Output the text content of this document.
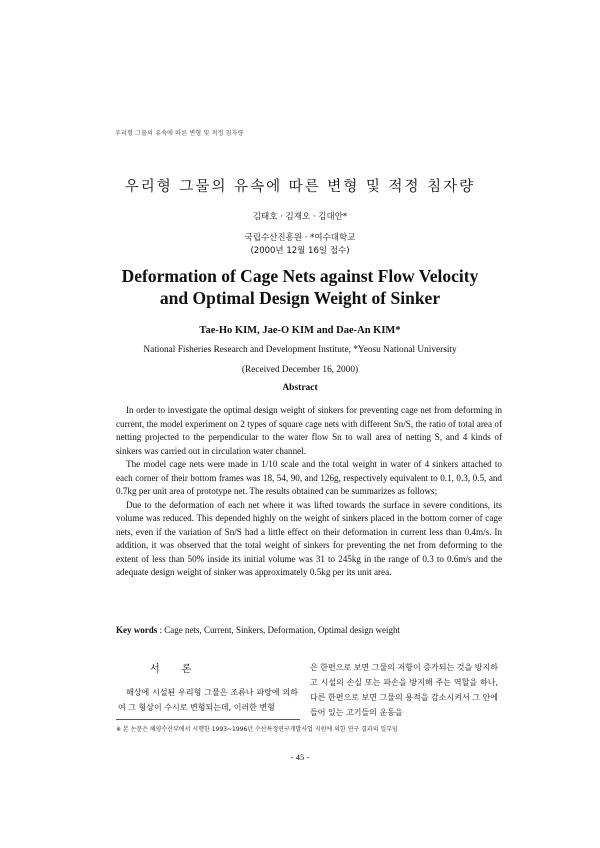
우리형 그물의 유속에 따른 변형 및 적정 침자량
우리형 그물의 유속에 따른 변형 및 적정 침자량
김태호 · 김재오 · 김대안*
국립수산진흥원 · *여수대학교
(2000년 12월 16일 접수)
Deformation of Cage Nets against Flow Velocity
and Optimal Design Weight of Sinker
Tae-Ho KIM, Jae-O KIM and Dae-An KIM*
National Fisheries Research and Development Institute, *Yeosu National University
(Received December 16, 2000)
Abstract

In order to investigate the optimal design weight of sinkers for preventing cage net from deforming in current, the model experiment on 2 types of square cage nets with different Sn/S, the ratio of total area of netting projected to the perpendicular to the water flow Sn to wall area of netting S, and 4 kinds of sinkers was carried out in circulation water channel.

The model cage nets were made in 1/10 scale and the total weight in water of 4 sinkers attached to each corner of their bottom frames was 18, 54, 90, and 126g, respectively equivalent to 0.1, 0.3, 0.5, and 0.7kg per unit area of prototype net. The results obtained can be summarizes as follows;

Due to the deformation of each net where it was lifted towards the surface in severe conditions, its volume was reduced. This depended highly on the weight of sinkers placed in the bottom corner of cage nets, even if the variation of Sn/S had a little effect on their deformation in current less than 0.4m/s. In addition, it was observed that the total weight of sinkers for preventing the net from deforming to the extent of less than 50% inside its initial volume was 31 to 245kg in the range of 0.3 to 0.6m/s and the adequate design weight of sinker was approximately 0.5kg per its unit area.

Key words : Cage nets, Current, Sinkers, Deformation, Optimal design weight
서론

해상에 시설된 우리형 그물은 조류나 파랑에 의하여 그 형상이 수시로 변형되는데, 이러한 변형

은 한편으로 보면 그물의 저항이 증가되는 것을 방지하고 시설의 손실 또는 파손을 방지해 주는 역할을 하나, 다른 한편으로 보면 그물의 용적을 감소시켜서 그 안에 들어 있는 고기들의 운동을
※ 본 논문은 해양수산부에서 시행한 1993~1996년 수산특정연구개발사업 지원에 의한 연구 결과의 일부임
- 45 -
